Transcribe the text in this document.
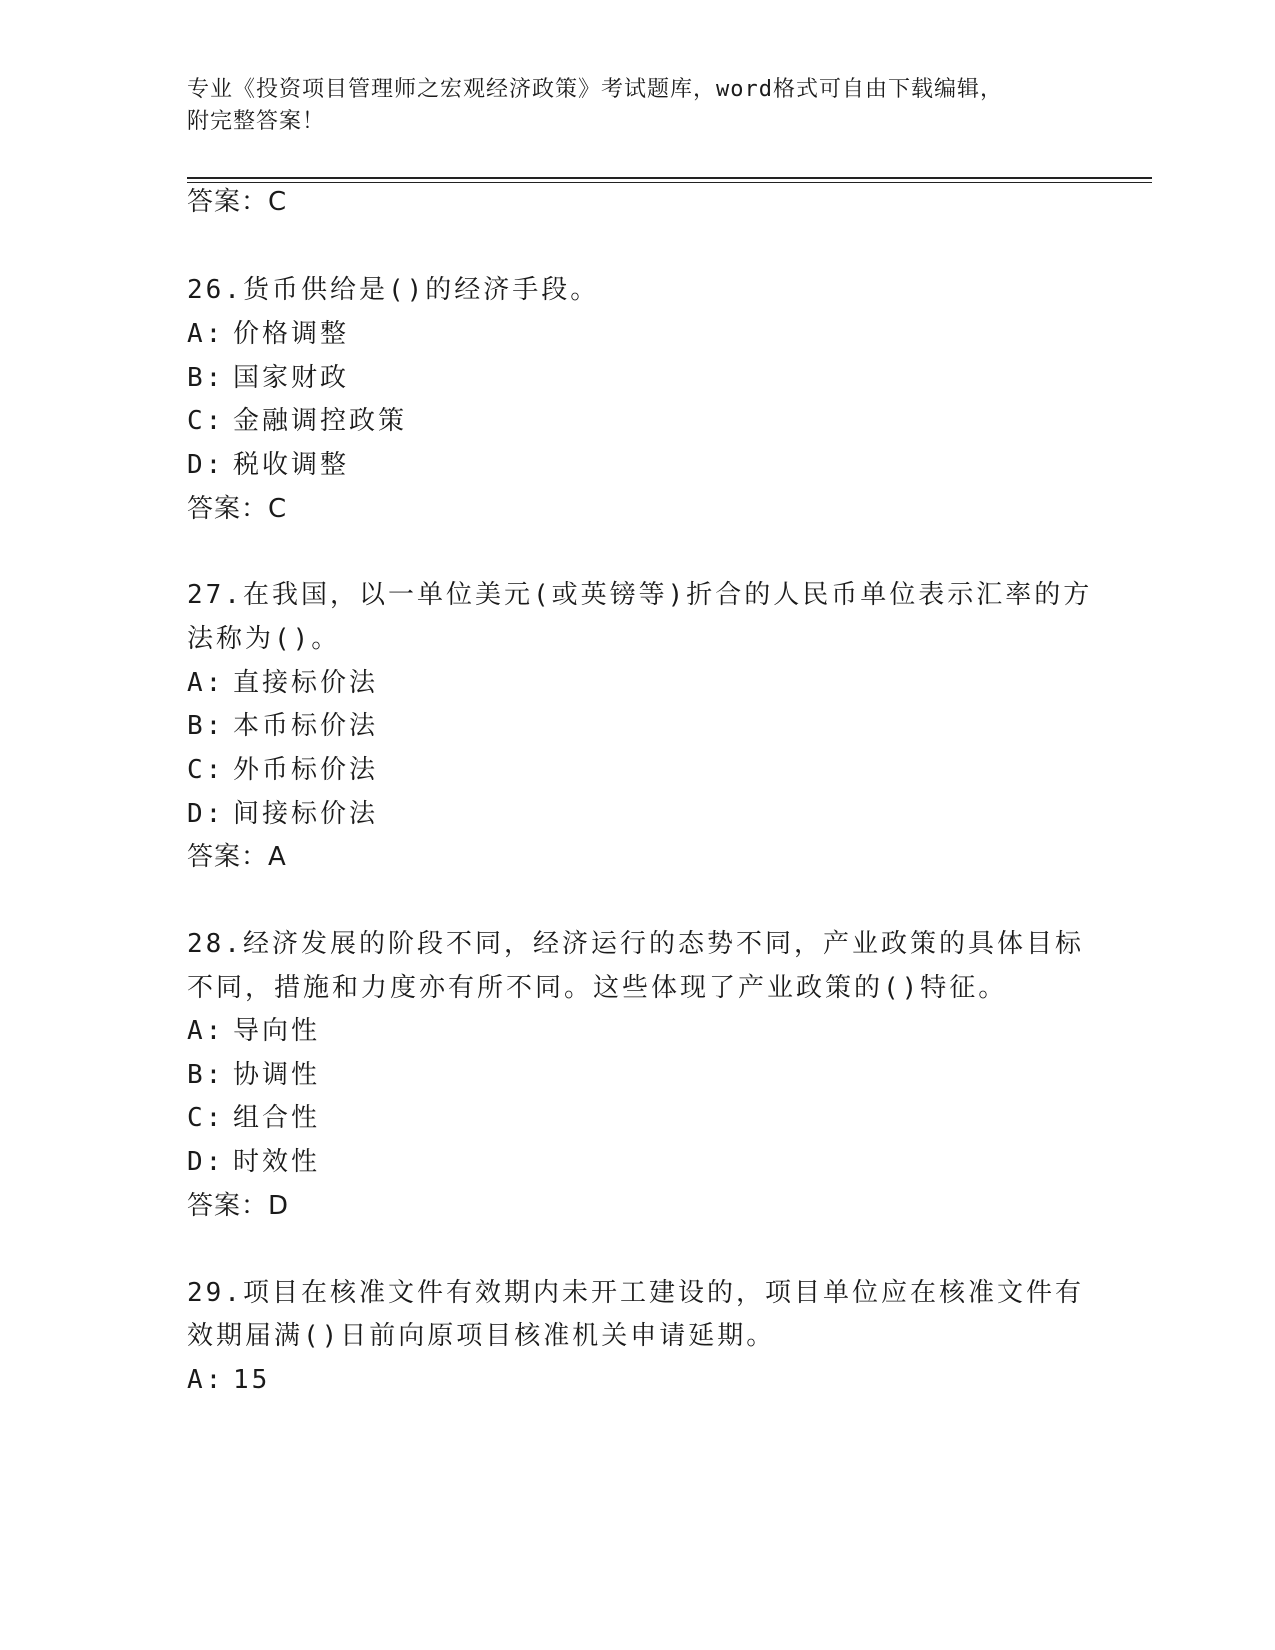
专业《投资项目管理师之宏观经济政策》考试题库，word格式可自由下载编辑，
附完整答案！
答案：C
26.货币供给是()的经济手段。
A: 价格调整
B: 国家财政
C: 金融调控政策
D: 税收调整
答案：C
27.在我国，以一单位美元(或英镑等)折合的人民币单位表示汇率的方
法称为()。
A: 直接标价法
B: 本币标价法
C: 外币标价法
D: 间接标价法
答案：A
28.经济发展的阶段不同，经济运行的态势不同，产业政策的具体目标
不同，措施和力度亦有所不同。这些体现了产业政策的()特征。
A: 导向性
B: 协调性
C: 组合性
D: 时效性
答案：D
29.项目在核准文件有效期内未开工建设的，项目单位应在核准文件有
效期届满()日前向原项目核准机关申请延期。
A: 15
